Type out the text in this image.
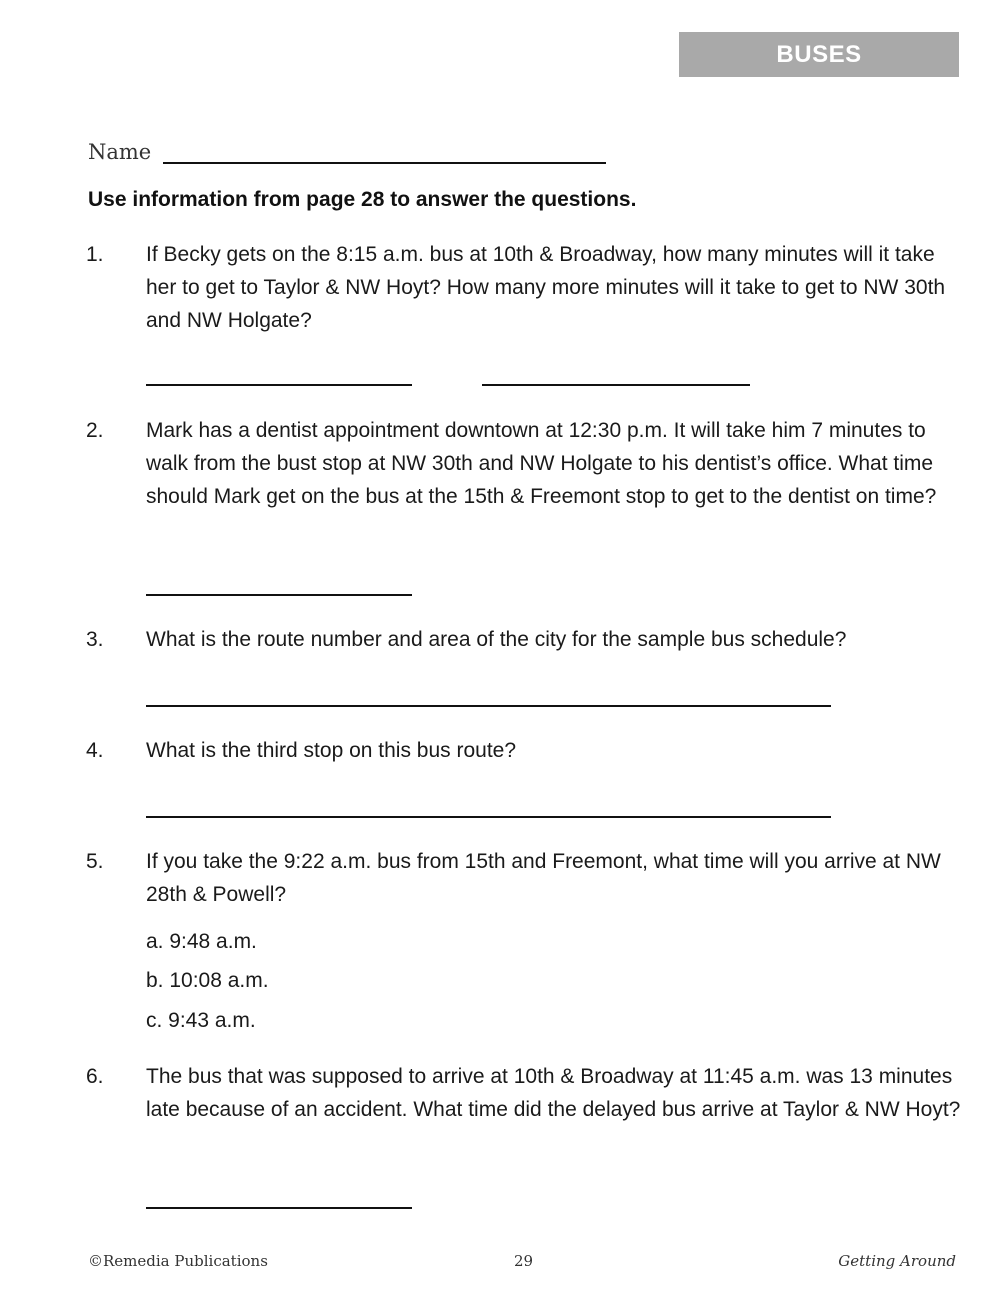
BUSES
Name
Use information from page 28 to answer the questions.
1. If Becky gets on the 8:15 a.m. bus at 10th & Broadway, how many minutes will it take her to get to Taylor & NW Hoyt? How many more minutes will it take to get to NW 30th and NW Holgate?
2. Mark has a dentist appointment downtown at 12:30 p.m. It will take him 7 minutes to walk from the bust stop at NW 30th and NW Holgate to his dentist’s office. What time should Mark get on the bus at the 15th & Freemont stop to get to the dentist on time?
3. What is the route number and area of the city for the sample bus schedule?
4. What is the third stop on this bus route?
5. If you take the 9:22 a.m. bus from 15th and Freemont, what time will you arrive at NW 28th & Powell?
a. 9:48 a.m.
b. 10:08 a.m.
c. 9:43 a.m.
6. The bus that was supposed to arrive at 10th & Broadway at 11:45 a.m. was 13 minutes late because of an accident. What time did the delayed bus arrive at Taylor & NW Hoyt?
©Remedia Publications	29	Getting Around
